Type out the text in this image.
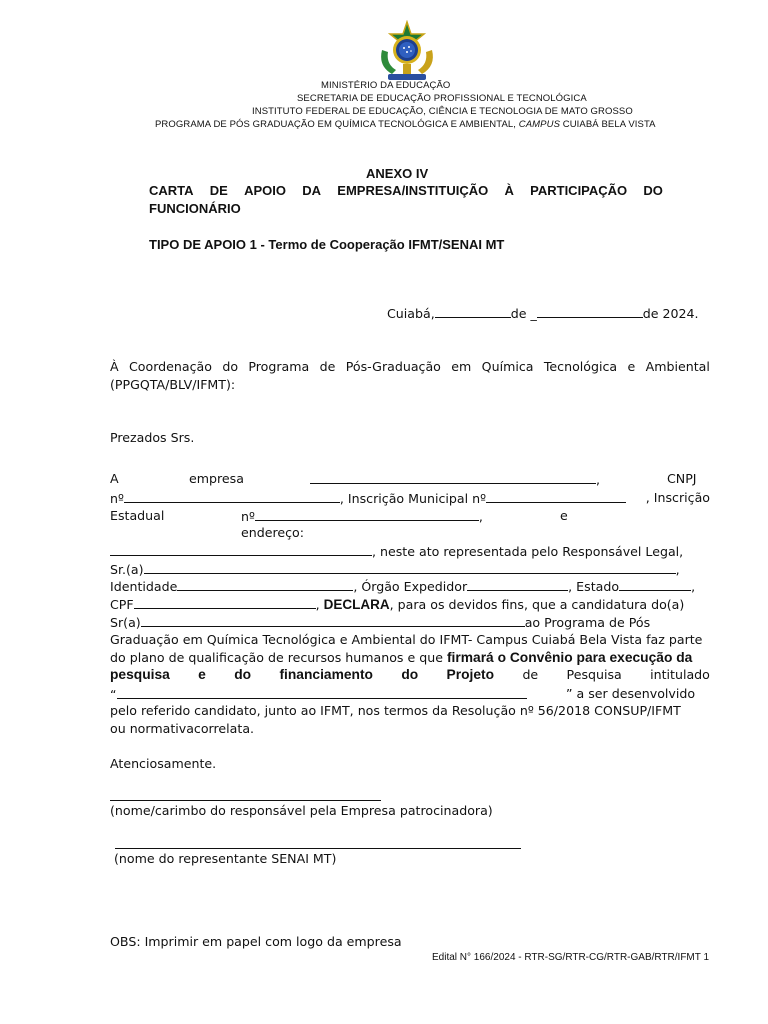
MINISTÉRIO DA EDUCAÇÃO
SECRETARIA DE EDUCAÇÃO PROFISSIONAL E TECNOLÓGICA
INSTITUTO FEDERAL DE EDUCAÇÃO, CIÊNCIA E TECNOLOGIA DE MATO GROSSO
PROGRAMA DE PÓS GRADUAÇÃO EM QUÍMICA TECNOLÓGICA E AMBIENTAL, CAMPUS CUIABÁ BELA VISTA
ANEXO IV
CARTA DE APOIO DA EMPRESA/INSTITUIÇÃO À PARTICIPAÇÃO DO
FUNCIONÁRIO
TIPO DE APOIO 1 - Termo de Cooperação IFMT/SENAI MT
Cuiabá,	de _	de 2024.
À Coordenação do Programa de Pós-Graduação em Química Tecnológica e Ambiental
(PPGQTA/BLV/IFMT):
Prezados Srs.
A	empresa	,	CNPJ
nº	, Inscrição Municipal nº	, Inscrição
Estadual	nº	,	e
endereço:
, neste ato representada pelo Responsável Legal,
Sr.(a)	,
Identidade	, Órgão Expedidor	, Estado	,
CPF	, DECLARA, para os devidos fins, que a candidatura do(a)
Sr(a)	ao Programa de Pós
Graduação em Química Tecnológica e Ambiental do IFMT- Campus Cuiabá Bela Vista faz parte
do plano de qualificação de recursos humanos e que firmará o Convênio para execução da
pesquisa e do financiamento do Projeto de Pesquisa intitulado
“	” a ser desenvolvido
pelo referido candidato, junto ao IFMT, nos termos da Resolução nº 56/2018 CONSUP/IFMT
ou normativacorrelata.
Atenciosamente.
(nome/carimbo do responsável pela Empresa patrocinadora)
(nome do representante SENAI MT)
OBS: Imprimir em papel com logo da empresa
Edital N° 166/2024 - RTR-SG/RTR-CG/RTR-GAB/RTR/IFMT 1
